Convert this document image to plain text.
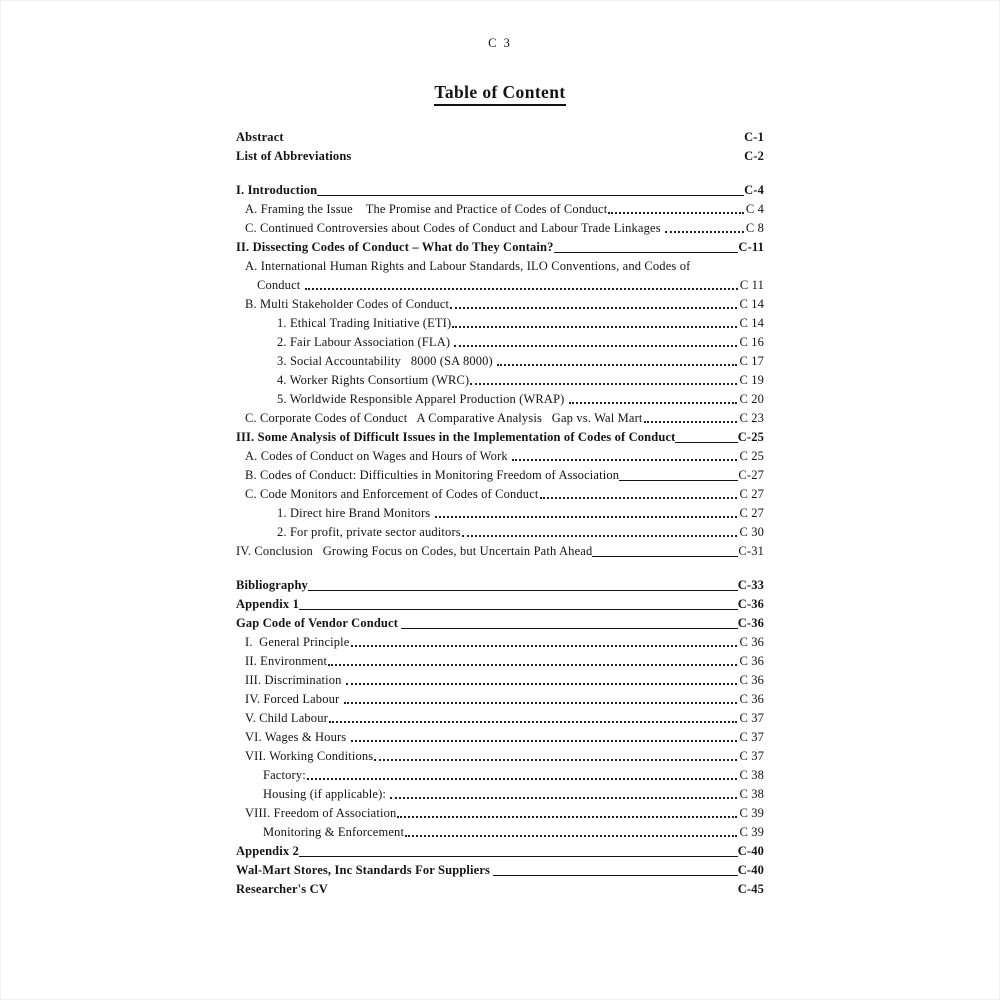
C 3
Table of Content
Abstract	C-1
List of Abbreviations	C-2
I. Introduction	C-4
A. Framing the Issue    The Promise and Practice of Codes of Conduct	C 4
C. Continued Controversies about Codes of Conduct and Labour Trade Linkages	C 8
II. Dissecting Codes of Conduct – What do They Contain?	C-11
A. International Human Rights and Labour Standards, ILO Conventions, and Codes of
Conduct	C 11
B. Multi Stakeholder Codes of Conduct	C 14
1. Ethical Trading Initiative (ETI)	C 14
2. Fair Labour Association (FLA)	C 16
3. Social Accountability   8000 (SA 8000)	C 17
4. Worker Rights Consortium (WRC)	C 19
5. Worldwide Responsible Apparel Production (WRAP)	C 20
C. Corporate Codes of Conduct   A Comparative Analysis   Gap vs. Wal Mart	C 23
III. Some Analysis of Difficult Issues in the Implementation of Codes of Conduct	C-25
A. Codes of Conduct on Wages and Hours of Work	C 25
B. Codes of Conduct: Difficulties in Monitoring Freedom of Association	C-27
C. Code Monitors and Enforcement of Codes of Conduct	C 27
1. Direct hire Brand Monitors	C 27
2. For profit, private sector auditors	C 30
IV. Conclusion   Growing Focus on Codes, but Uncertain Path Ahead	C-31
Bibliography	C-33
Appendix 1	C-36
Gap Code of Vendor Conduct	C-36
I.  General Principle	C 36
II. Environment	C 36
III. Discrimination	C 36
IV. Forced Labour	C 36
V. Child Labour	C 37
VI. Wages & Hours	C 37
VII. Working Conditions	C 37
Factory:	C 38
Housing (if applicable):	C 38
VIII. Freedom of Association	C 39
Monitoring & Enforcement	C 39
Appendix 2	C-40
Wal-Mart Stores, Inc Standards For Suppliers	C-40
Researcher's CV	C-45
